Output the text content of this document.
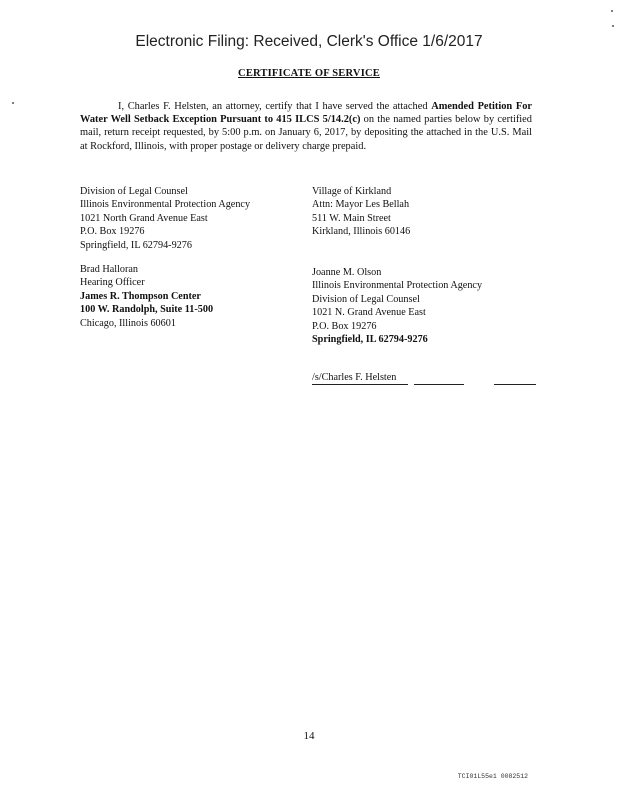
Electronic Filing: Received, Clerk's Office 1/6/2017
CERTIFICATE OF SERVICE
I, Charles F. Helsten, an attorney, certify that I have served the attached Amended Petition For Water Well Setback Exception Pursuant to 415 ILCS 5/14.2(c) on the named parties below by certified mail, return receipt requested, by 5:00 p.m. on January 6, 2017, by depositing the attached in the U.S. Mail at Rockford, Illinois, with proper postage or delivery charge prepaid.
Division of Legal Counsel
Illinois Environmental Protection Agency
1021 North Grand Avenue East
P.O. Box 19276
Springfield, IL 62794-9276
Village of Kirkland
Attn: Mayor Les Bellah
511 W. Main Street
Kirkland, Illinois 60146
Brad Halloran
Hearing Officer
James R. Thompson Center
100 W. Randolph, Suite 11-500
Chicago, Illinois 60601
Joanne M. Olson
Illinois Environmental Protection Agency
Division of Legal Counsel
1021 N. Grand Avenue East
P.O. Box 19276
Springfield, IL 62794-9276
/s/Charles F. Helsten
14
TCI01L55e1 0082512
